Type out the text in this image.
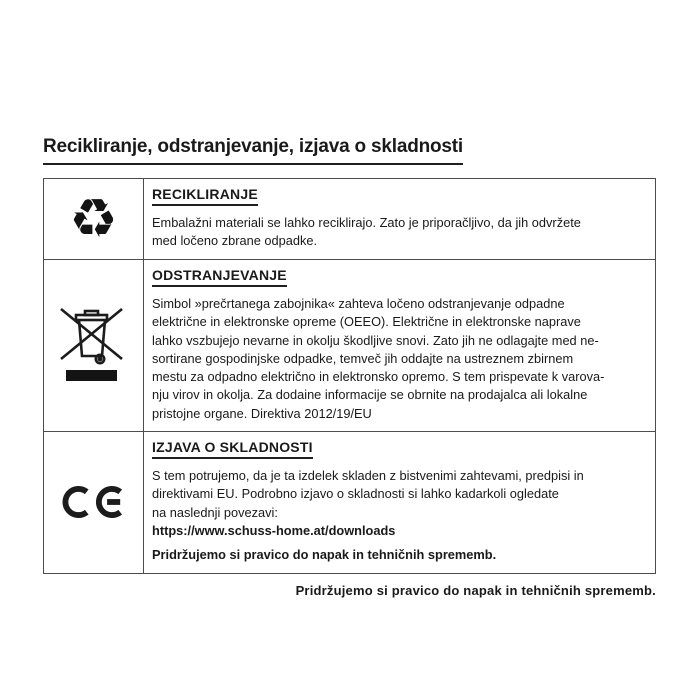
Recikliranje, odstranjevanje, izjava o skladnosti
♻	RECIKLIRANJE
Embalažni materiali se lahko reciklirajo. Zato je priporačljivo, da jih odvržete
med ločeno zbrane odpadke.
ODSTRANJEVANJE
Simbol »prečrtanega zabojnika« zahteva ločeno odstranjevanje odpadne
električne in elektronske opreme (OEEO). Električne in elektronske naprave
lahko vszbujejo nevarne in okolju škodljive snovi. Zato jih ne odlagajte med ne-
sortirane gospodinjske odpadke, temveč jih oddajte na ustreznem zbirnem
mestu za odpadno električno in elektronsko opremo. S tem prispevate k varova-
nju virov in okolja. Za dodaine informacije se obrnite na prodajalca ali lokalne
pristojne organe. Direktiva 2012/19/EU
IZJAVA O SKLADNOSTI
S tem potrujemo, da je ta izdelek skladen z bistvenimi zahtevami, predpisi in
direktivami EU. Podrobno izjavo o skladnosti si lahko kadarkoli ogledate
na naslednji povezavi:
https://www.schuss-home.at/downloads
Pridržujemo si pravico do napak in tehničnih sprememb.
Pridržujemo si pravico do napak in tehničnih sprememb.
